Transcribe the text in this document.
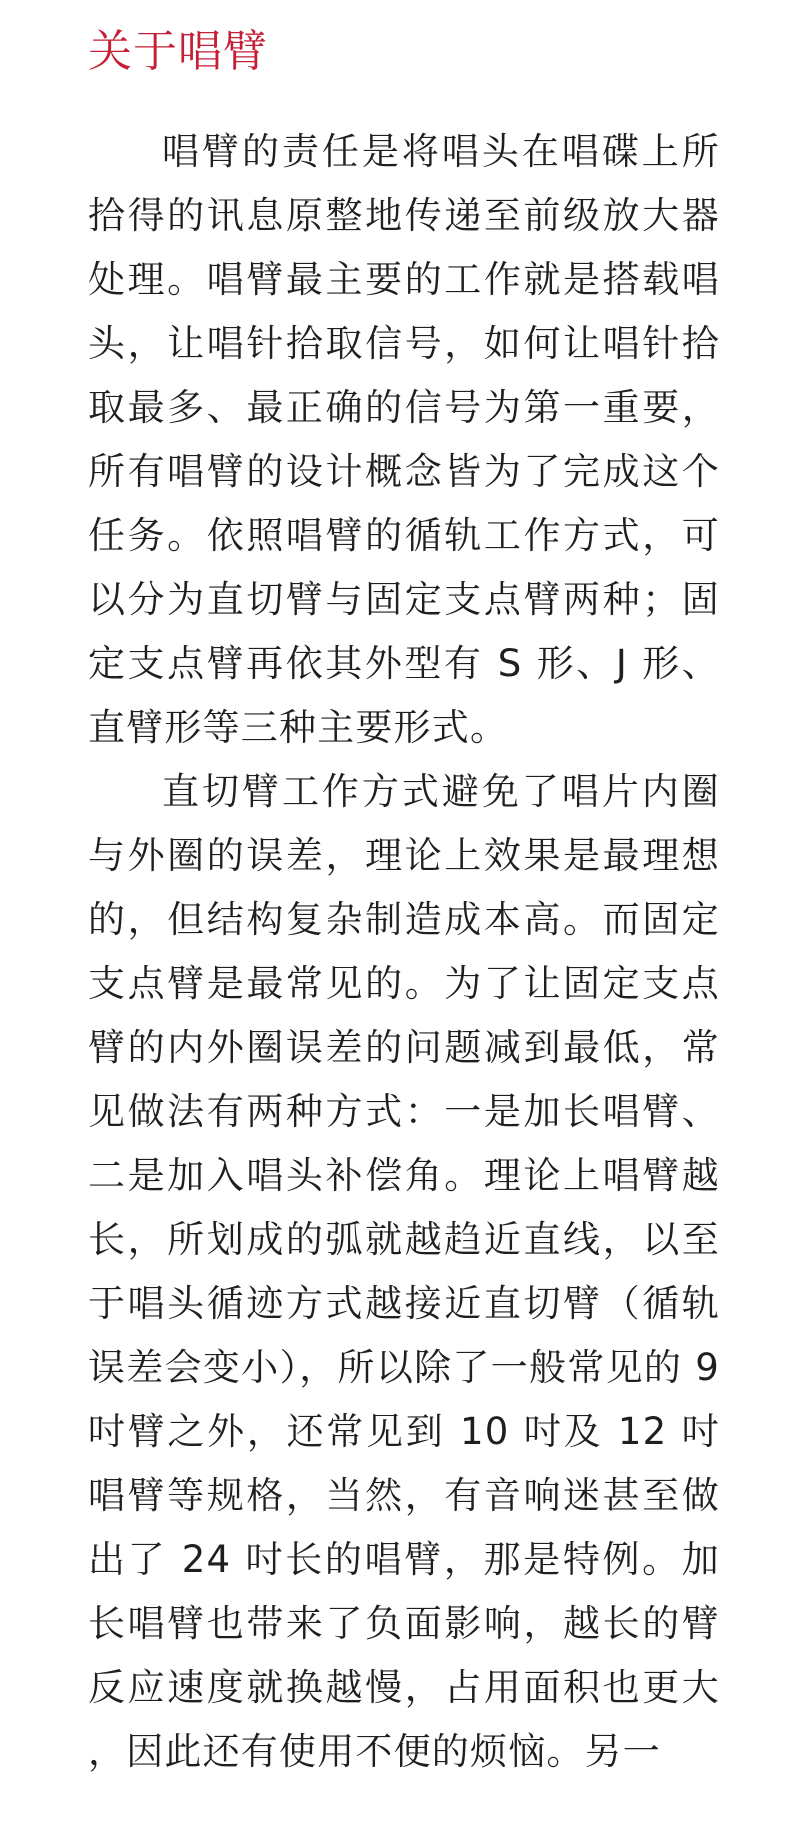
关于唱臂

唱臂的责任是将唱头在唱碟上所拾得的讯息原整地传递至前级放大器处理。唱臂最主要的工作就是搭载唱头，让唱针拾取信号，如何让唱针拾取最多、最正确的信号为第一重要，所有唱臂的设计概念皆为了完成这个任务。依照唱臂的循轨工作方式，可以分为直切臂与固定支点臂两种；固定支点臂再依其外型有 S 形、J 形、直臂形等三种主要形式。

直切臂工作方式避免了唱片内圈与外圈的误差，理论上效果是最理想的，但结构复杂制造成本高。而固定支点臂是最常见的。为了让固定支点臂的内外圈误差的问题减到最低，常见做法有两种方式：一是加长唱臂、二是加入唱头补偿角。理论上唱臂越长，所划成的弧就越趋近直线，以至于唱头循迹方式越接近直切臂（循轨误差会变小），所以除了一般常见的 9 吋臂之外，还常见到 10 吋及 12 吋唱臂等规格，当然，有音响迷甚至做出了 24 吋长的唱臂，那是特例。加长唱臂也带来了负面影响，越长的臂反应速度就换越慢，占用面积也更大，因此还有使用不便的烦恼。另一
